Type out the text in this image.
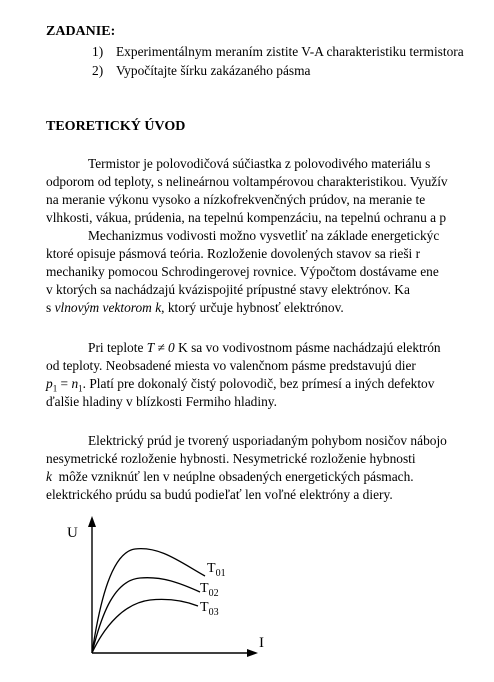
ZADANIE:
1) Experimentálnym meraním zistite V-A charakteristiku termistora
2) Vypočítajte šírku zakázaného pásma
TEORETICKÝ ÚVOD
Termistor je polovodičová súčiastka z polovodivého materiálu s
odporom od teploty, s nelineárnou voltampérovou charakteristikou. Využív
na meranie výkonu vysoko a nízkofrekvenčných prúdov, na meranie te
vlhkosti, vákua, prúdenia, na tepelnú kompenzáciu, na tepelnú ochranu a p
Mechanizmus vodivosti možno vysvetliť na základe energetickýc
ktoré opisuje pásmová teória. Rozloženie dovolených stavov sa rieši r
mechaniky pomocou Schrodingerovej rovnice. Výpočtom dostávame ene
v ktorých sa nachádzajú kvázispojité prípustné stavy elektrónov. Ka
s vlnovým vektorom k, ktorý určuje hybnosť elektrónov.
Pri teplote T ≠ 0 K sa vo vodivostnom pásme nachádzajú elektrón
od teploty. Neobsadené miesta vo valenčnom pásme predstavujú dier
$p_1 = n_1$. Platí pre dokonalý čistý polovodič, bez prímesí a iných defektov
ďalšie hladiny v blízkosti Fermiho hladiny.
Elektrický prúd je tvorený usporiadaným pohybom nosičov nábojo
nesymetrické rozloženie hybnosti. Nesymetrické rozloženie hybnosti
k môže vzniknúť len v neúplne obsadených energetických pásmach.
elektrického prúdu sa budú podieľať len voľné elektróny a diery.
U
I
$T_{01}$
$T_{02}$
$T_{03}$
